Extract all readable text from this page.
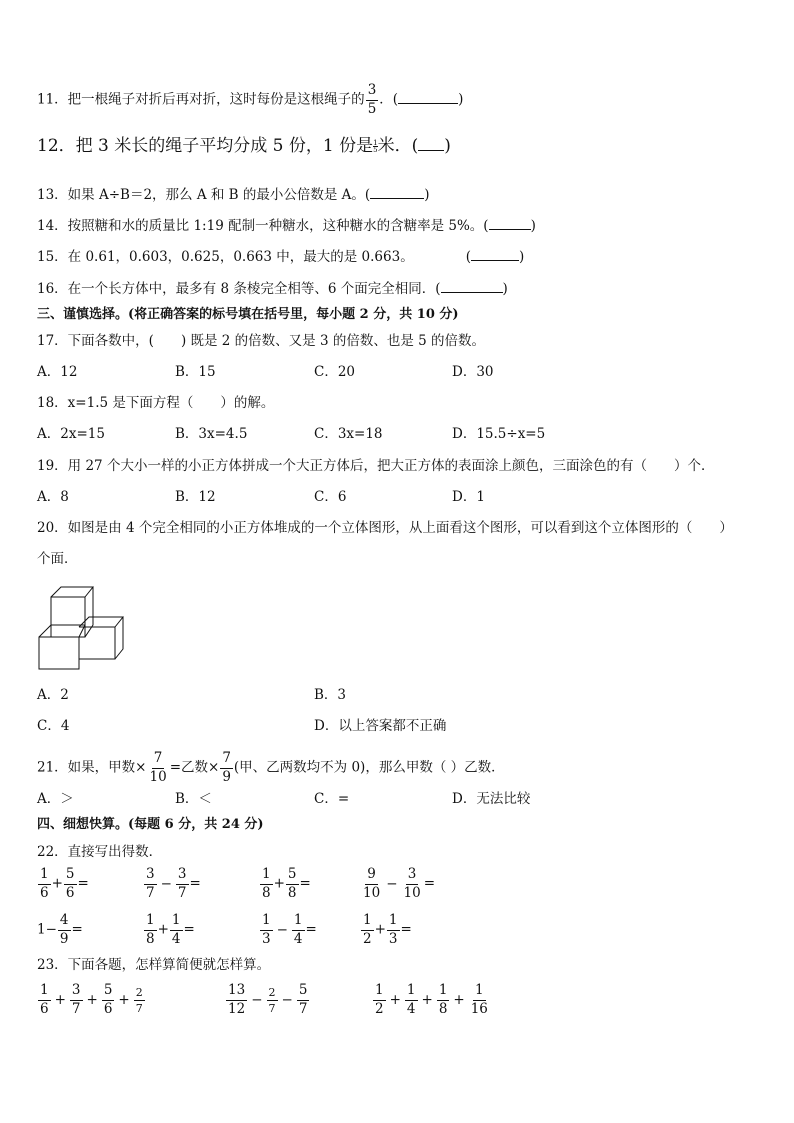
11．把一根绳子对折后再对折，这时每份是这根绳子的 $\frac{3}{5}$ ．(	)
12．把 3 米长的绳子平均分成 5 份，1 份是 $\frac{1}{5}$ 米．( )
13．如果 A÷B＝2，那么 A 和 B 的最小公倍数是 A。(	)
14．按照糖和水的质量比 1:19 配制一种糖水，这种糖水的含糖率是 5%。(	)
15．在 0.61，0.603，0.625，0.663 中，最大的是 0.663。	(	)
16．在一个长方体中，最多有 8 条棱完全相等、6 个面完全相同．(	)
三、谨慎选择。(将正确答案的标号填在括号里，每小题 2 分，共 10 分)
17．下面各数中，(　　) 既是 2 的倍数、又是 3 的倍数、也是 5 的倍数。
A．12	B．15	C．20	D．30
18．x=1.5 是下面方程（　　）的解。
A．2x=15	B．3x=4.5	C．3x=18	D．15.5÷x=5
19．用 27 个大小一样的小正方体拼成一个大正方体后，把大正方体的表面涂上颜色，三面涂色的有（　　）个．
A．8	B．12	C．6	D．1
20．如图是由 4 个完全相同的小正方体堆成的一个立体图形，从上面看这个图形，可以看到这个立体图形的（　　）
个面．
A．2	B．3
C．4	D．以上答案都不正确
21．如果，甲数× $\frac{7}{10}$ =乙数× $\frac{7}{9}$ (甲、乙两数均不为 0)，那么甲数（ ）乙数．
A．＞	B．＜	C．=	D．无法比较
四、细想快算。(每题 6 分，共 24 分)
22．直接写出得数．
$\frac{1}{6} + \frac{5}{6}$ =	$\frac{3}{7} - \frac{3}{7}$ =	$\frac{1}{8} + \frac{5}{8}$ =	$\frac{9}{10} - \frac{3}{10}$ =
$1- \frac{4}{9}$ =	$\frac{1}{8} + \frac{1}{4}$ =	$\frac{1}{3} - \frac{1}{4}$ =	$\frac{1}{2} + \frac{1}{3}$ =
23．下面各题，怎样算简便就怎样算。
$\frac{1}{6} + \frac{3}{7} + \frac{5}{6} + \frac{2}{7}$	$\frac{13}{12} - \frac{2}{7} - \frac{5}{7}$	$\frac{1}{2} + \frac{1}{4} + \frac{1}{8} + \frac{1}{16}$
